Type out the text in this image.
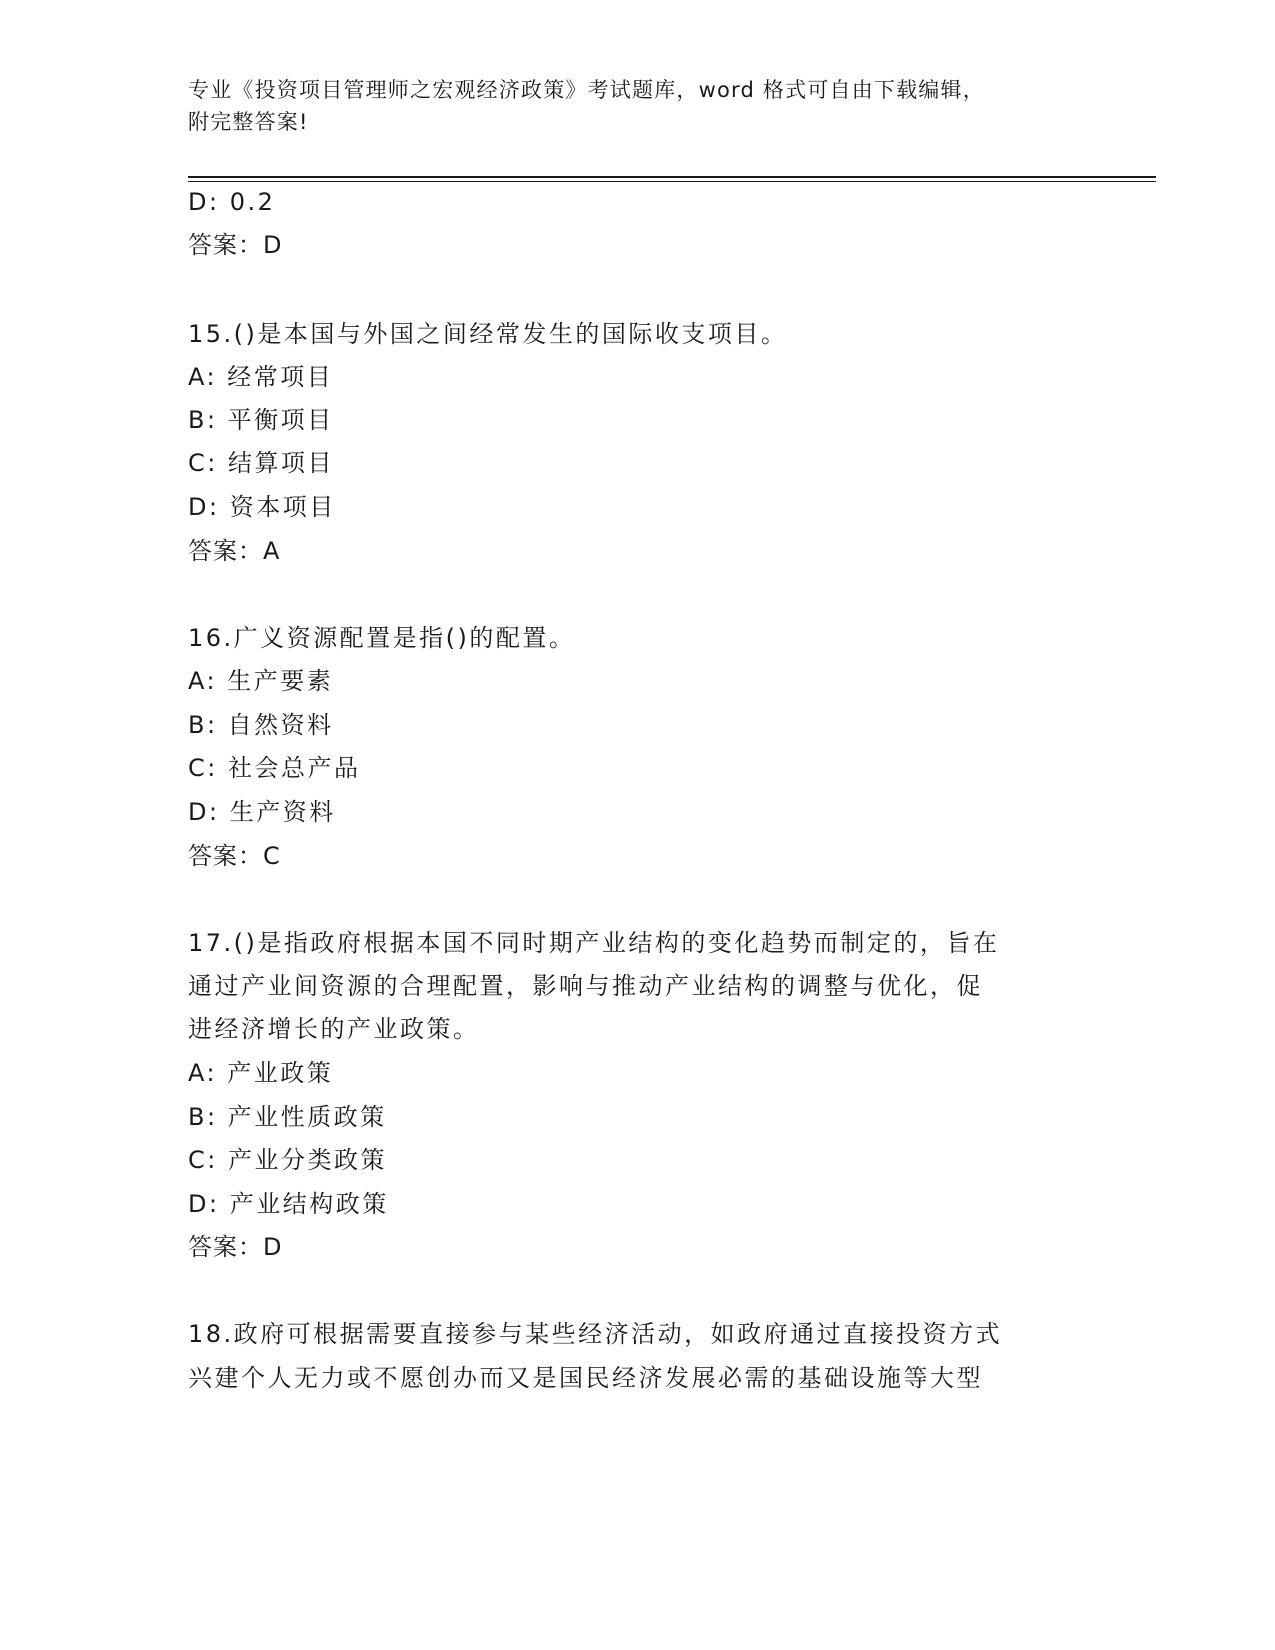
专业《投资项目管理师之宏观经济政策》考试题库，word 格式可自由下载编辑，
附完整答案!
D: 0.2
答案：D
15.()是本国与外国之间经常发生的国际收支项目。
A: 经常项目
B: 平衡项目
C: 结算项目
D: 资本项目
答案：A
16.广义资源配置是指()的配置。
A: 生产要素
B: 自然资料
C: 社会总产品
D: 生产资料
答案：C
17.()是指政府根据本国不同时期产业结构的变化趋势而制定的，旨在
通过产业间资源的合理配置，影响与推动产业结构的调整与优化，促
进经济增长的产业政策。
A: 产业政策
B: 产业性质政策
C: 产业分类政策
D: 产业结构政策
答案：D
18.政府可根据需要直接参与某些经济活动，如政府通过直接投资方式
兴建个人无力或不愿创办而又是国民经济发展必需的基础设施等大型
